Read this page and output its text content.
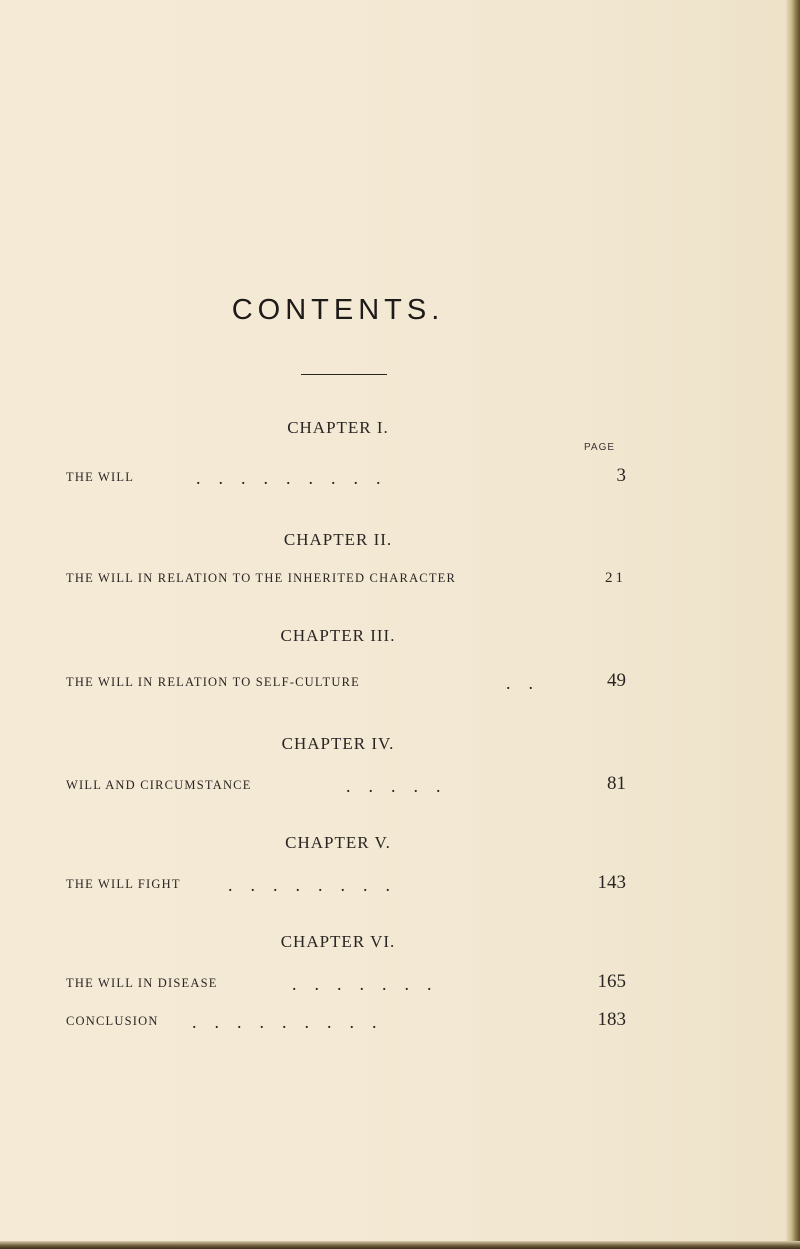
CONTENTS.
CHAPTER I.
PAGE
THE WILL	.    .    .    .    .    .    .    .    .	3
CHAPTER II.
THE WILL IN RELATION TO THE INHERITED CHARACTER	21
CHAPTER III.
THE WILL IN RELATION TO SELF-CULTURE	.    .	49
CHAPTER IV.
WILL AND CIRCUMSTANCE	.    .    .    .    .	81
CHAPTER V.
THE WILL FIGHT	.    .    .    .    .    .    .    .	143
CHAPTER VI.
THE WILL IN DISEASE	.    .    .    .    .    .    .	165
CONCLUSION .    .    .    .    .    .    .    .    .	183
